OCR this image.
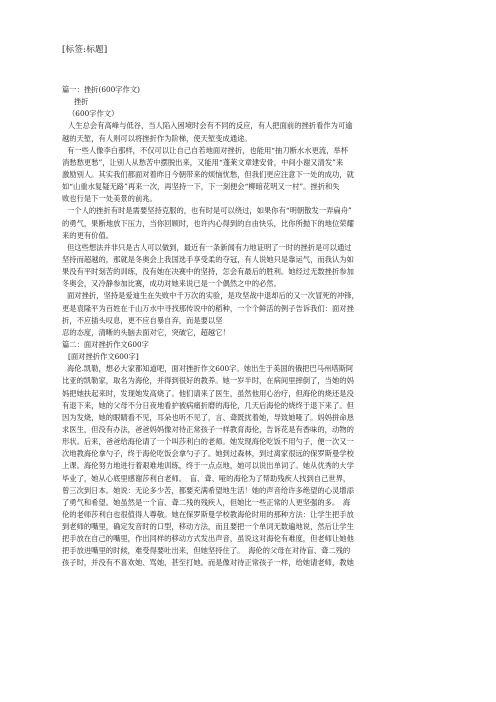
[标签:标题]
篇一：挫折(600字作文)
挫折
（600字作文）
人生总会有高峰与低谷，当人陷入困境时会有不同的反应，有人把面前的挫折看作为可逾
越的天堑，有人则可以将挫折作为阶梯，使天堑变成通途。
有一些人像李白那样，不仅可以让自己自若地面对挫折，也能用“抽刀断水水更流，举杯
消愁愁更愁”，让别人从愁苦中摆脱出来，又能用“蓬莱文章建安骨，中间小谢又清发”来
激励别人。其实我们都面对着昨日今朝带来的烦恼忧愁，但我们更应注意下一处的成功，就
如“山重水复疑无路”再来一次，再坚持一下，下一刻便会“柳暗花明又一村”。挫折和失
败也行是下一处美景的前兆。
一个人的挫折有时是需要坚持克服的，也有时是可以绕过，如果你有“明朝散发一弄扁舟”
的勇气，果断地放下压力，当你回顾时，也许内心得到的自由快乐，比你所抛下的地位荣耀
来的更有价值。
但这些想法并非只是古人可以做到，最近有一条新闻有力地证明了一时的挫折是可以通过
坚持而超越的，那就是冬奥会上我国选手享受柔的夺冠，有人说她只是靠运气，而我认为如
果没有平时刻苦的训练，没有她在决赛中的坚持，怎会有最后的胜利。她经过无数挫折参加
冬奥会，又冷静参加比赛，成功对她来说已是一个偶然之中的必然。
面对挫折，坚持是爱迪生在失败中千万次的实验，是攻坚战中退却后的又一次冒死的冲锋，
更是袁隆平为百姓在千山万水中寻找那传说中的稻种，一个个鲜活的例子告诉我们：面对挫
折，不应插头叹息，更不应自暴自弃，而是要以坚
忍的态度，清晰的头脑去面对它，突破它，超越它！
篇二：面对挫折作文600字
[面对挫折作文600字]
海伦.凯勒，想必大家都知道吧，面对挫折作文600字。她出生于美国的俄把巴马州塔斯阿
比亚的凯勒家，取名为海伦，并得到很好的教养。她一岁半时，在病间里摔倒了，当她的妈
妈把她扶起来时，发现她发高烧了。他们请来了医生，虽然他用心治疗，但海伦的烧还是没
有退下来，她的父母不分日夜地看护被病痛折磨的海伦，几天后海伦的烧终于退下来了。但
因为发烧，她的眼睛看不见，耳朵也听不见了，言、聋既扰着她，导致她哑了。妈妈拼命恳
求医生，但没有办法，爸爸妈妈像对待正常孩子一样教育海伦，告诉花是有香味的，动物的
形状。后来，爸爸给海伦请了一个叫莎利白的老师。她发现海伦吃饭不用勺子，便一次又一
次地教海伦拿勺子，终于海伦吃饭会拿勺子了。她到过森林，到过离家很远的保罗斯曼学校
上课。海伦努力地进行着艰难地训练，终于一点点地，她可以说出单词了。她从优秀的大学
毕业了，她从心底里感谢莎利白老师。　盲、聋、哑的海伦为了帮助残疾人找到自己世界，
曾三次到日本。她说：无论多少苦，都要充满希望地生活！她的声音给许多绝望的心灵增添
了勇气和希望。她虽然是一个盲、聋二残的残疾人，但她比一些正常的人更坚强的多。　海
伦的老师莎利白也很值得人尊敬。她在保罗斯曼学校教海伦时用的那种方法：让学生把手放
到老师的嘴里，确定发音时的口型，移动方法，而且要把一个单词无数遍地说，然后让学生
把手放在自己的嘴里，作出同样的移动方式发出声音，虽说这对海伦有难度，但老师让她他
把手放进嘴里的时候，难受得要吐出来，但她坚持住了。　海伦的父母在对待盲、聋二残的
孩子时，并没有不喜欢她、骂她，甚至打她。而是像对待正常孩子一样，给她请老师，教她
